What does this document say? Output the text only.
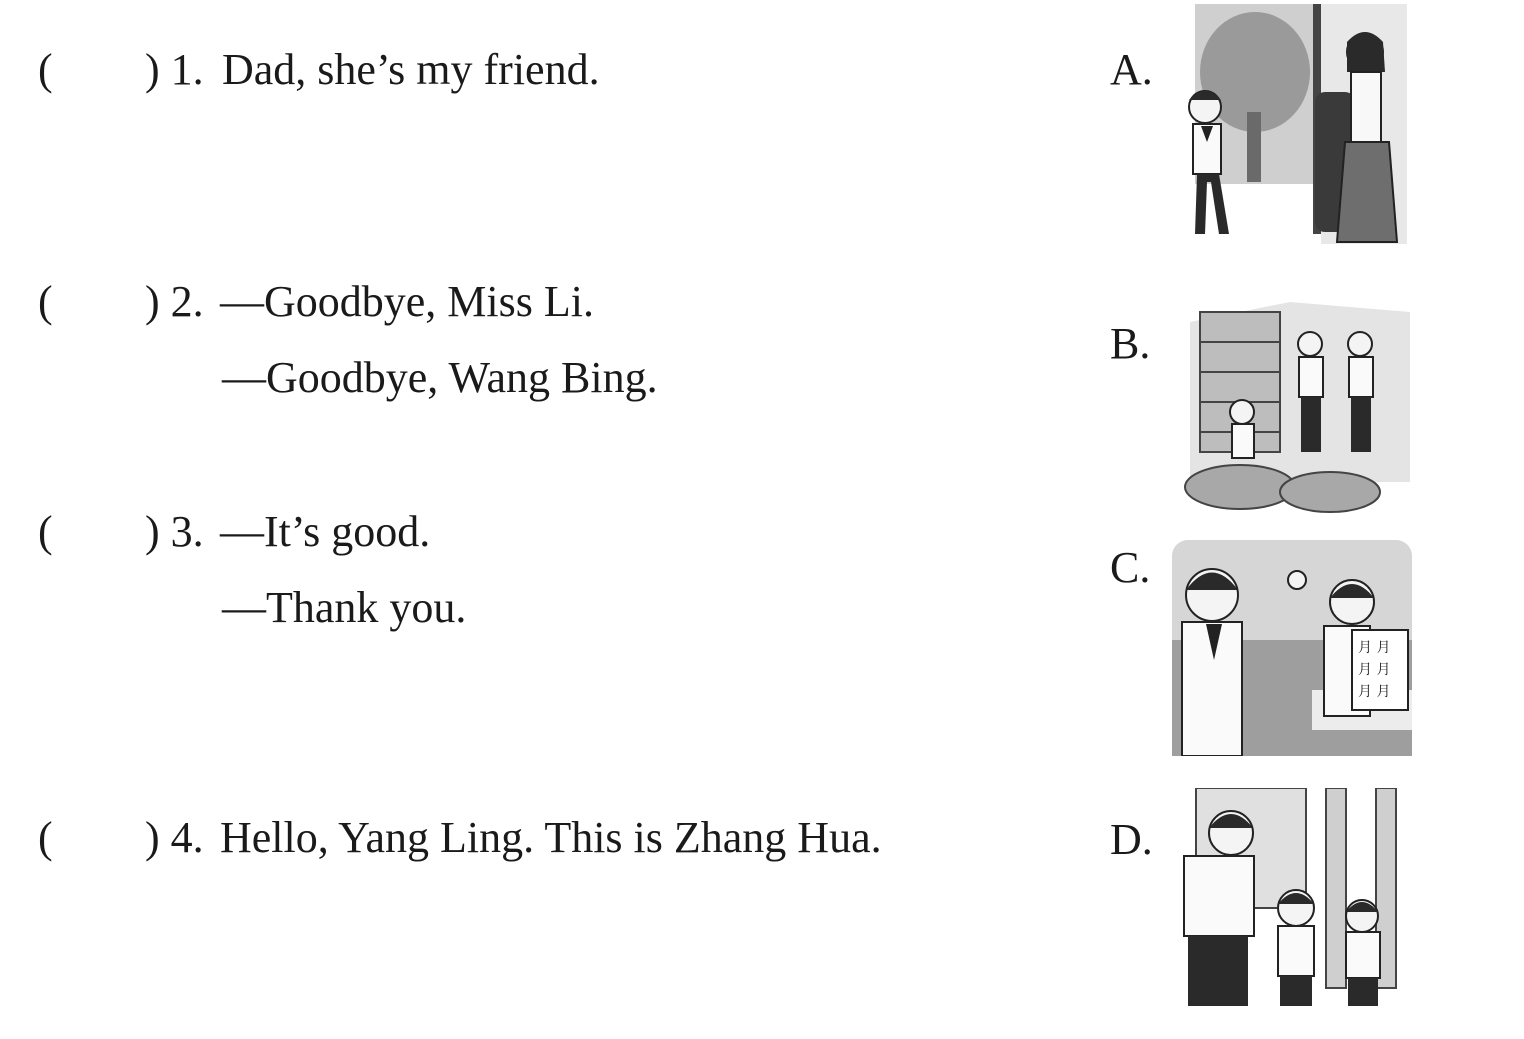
( ) 1. Dad, she’s my friend.
( ) 2. —Goodbye, Miss Li.
—Goodbye, Wang Bing.
( ) 3. —It’s good.
—Thank you.
( ) 4. Hello, Yang Ling. This is Zhang Hua.
A.
B.
C.
D.
月 月
月 月
月 月
